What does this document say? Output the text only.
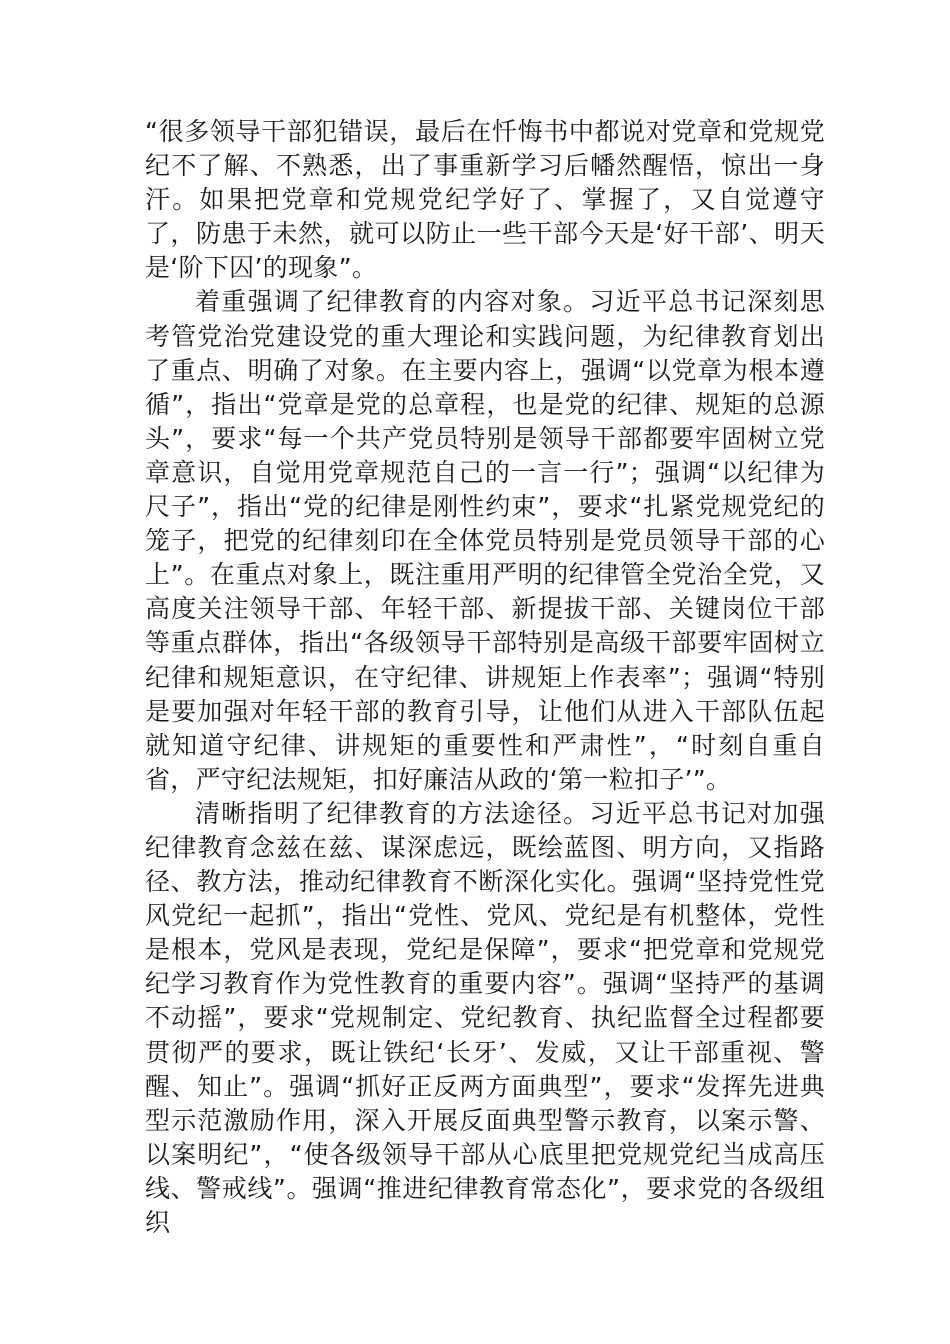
“很多领导干部犯错误，最后在忏悔书中都说对党章和党规党纪不了解、不熟悉，出了事重新学习后幡然醒悟，惊出一身汗。如果把党章和党规党纪学好了、掌握了，又自觉遵守了，防患于未然，就可以防止一些干部今天是‘好干部’、明天是‘阶下囚’的现象”。

着重强调了纪律教育的内容对象。习近平总书记深刻思考管党治党建设党的重大理论和实践问题，为纪律教育划出了重点、明确了对象。在主要内容上，强调“以党章为根本遵循”，指出“党章是党的总章程，也是党的纪律、规矩的总源头”，要求“每一个共产党员特别是领导干部都要牢固树立党章意识，自觉用党章规范自己的一言一行”；强调“以纪律为尺子”，指出“党的纪律是刚性约束”，要求“扎紧党规党纪的笼子，把党的纪律刻印在全体党员特别是党员领导干部的心上”。在重点对象上，既注重用严明的纪律管全党治全党，又高度关注领导干部、年轻干部、新提拔干部、关键岗位干部等重点群体，指出“各级领导干部特别是高级干部要牢固树立纪律和规矩意识，在守纪律、讲规矩上作表率”；强调“特别是要加强对年轻干部的教育引导，让他们从进入干部队伍起就知道守纪律、讲规矩的重要性和严肃性”，“时刻自重自省，严守纪法规矩，扣好廉洁从政的‘第一粒扣子’”。

清晰指明了纪律教育的方法途径。习近平总书记对加强纪律教育念兹在兹、谋深虑远，既绘蓝图、明方向，又指路径、教方法，推动纪律教育不断深化实化。强调“坚持党性党风党纪一起抓”，指出“党性、党风、党纪是有机整体，党性是根本，党风是表现，党纪是保障”，要求“把党章和党规党纪学习教育作为党性教育的重要内容”。强调“坚持严的基调不动摇”，要求“党规制定、党纪教育、执纪监督全过程都要贯彻严的要求，既让铁纪‘长牙’、发威，又让干部重视、警醒、知止”。强调“抓好正反两方面典型”，要求“发挥先进典型示范激励作用，深入开展反面典型警示教育，以案示警、以案明纪”，“使各级领导干部从心底里把党规党纪当成高压线、警戒线”。强调“推进纪律教育常态化”，要求党的各级组织
